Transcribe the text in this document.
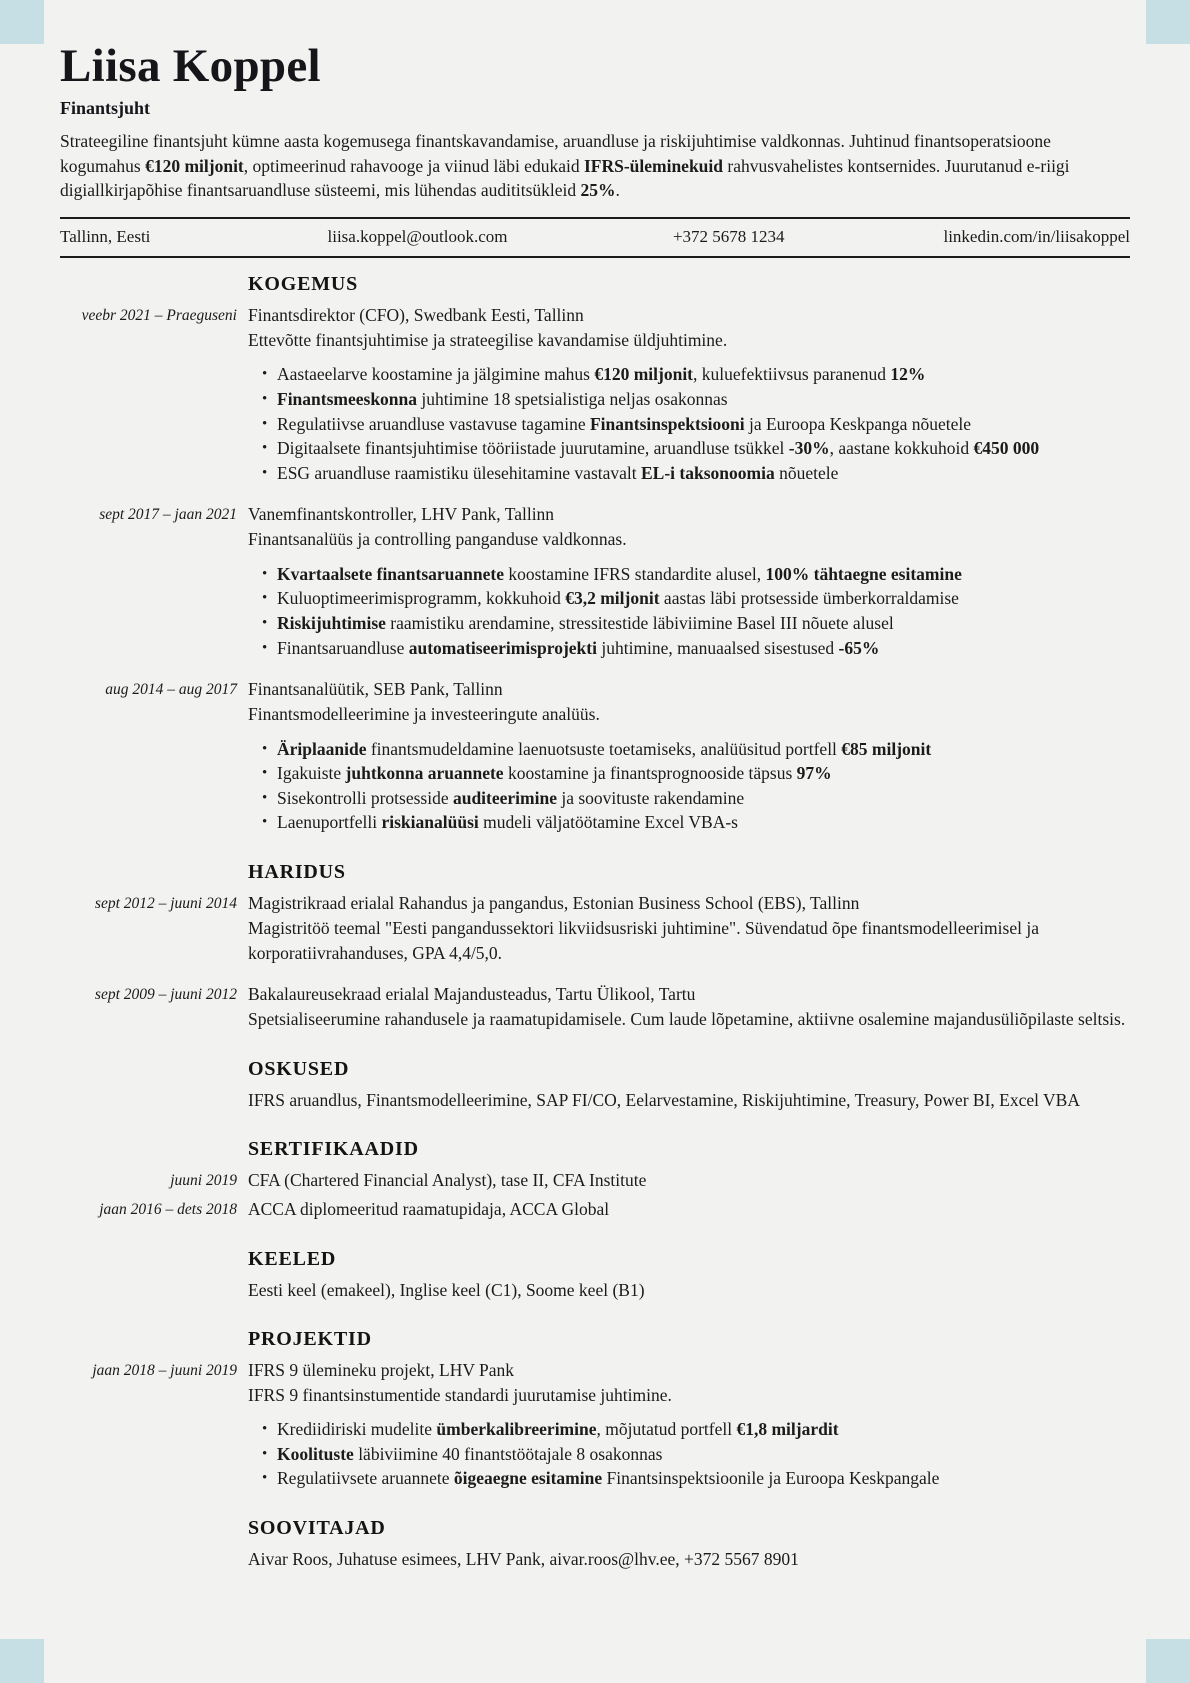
Liisa Koppel
Finantsjuht

Strateegiline finantsjuht kümne aasta kogemusega finantskavandamise, aruandluse ja riskijuhtimise valdkonnas. Juhtinud finantsoperatsioone kogumahus €120 miljonit, optimeerinud rahavooge ja viinud läbi edukaid IFRS-üleminekuid rahvusvahelistes kontsernides. Juurutanud e-riigi digiallkirjapõhise finantsaruandluse süsteemi, mis lühendas audititsükleid 25%.

Tallinn, Eesti	liisa.koppel@outlook.com	+372 5678 1234	linkedin.com/in/liisakoppel
KOGEMUS
veebr 2021 – Praeguseni Finantsdirektor (CFO), Swedbank Eesti, Tallinn
Ettevõtte finantsjuhtimise ja strateegilise kavandamise üldjuhtimine.
• Aastaeelarve koostamine ja jälgimine mahus €120 miljonit, kuluefektiivsus paranenud 12%
• Finantsmeeskonna juhtimine 18 spetsialistiga neljas osakonnas
• Regulatiivse aruandluse vastavuse tagamine Finantsinspektsiooni ja Euroopa Keskpanga nõuetele
• Digitaalsete finantsjuhtimise tööriistade juurutamine, aruandluse tsükkel -30%, aastane kokkuhoid €450 000
• ESG aruandluse raamistiku ülesehitamine vastavalt EL-i taksonoomia nõuetele
sept 2017 – jaan 2021 Vanemfinantskontroller, LHV Pank, Tallinn
Finantsanalüüs ja controlling panganduse valdkonnas.
• Kvartaalsete finantsaruannete koostamine IFRS standardite alusel, 100% tähtaegne esitamine
• Kuluoptimeerimisprogramm, kokkuhoid €3,2 miljonit aastas läbi protsesside ümberkorraldamise
• Riskijuhtimise raamistiku arendamine, stressitestide läbiviimine Basel III nõuete alusel
• Finantsaruandluse automatiseerimisprojekti juhtimine, manuaalsed sisestused -65%
aug 2014 – aug 2017 Finantsanalüütik, SEB Pank, Tallinn
Finantsmodelleerimine ja investeeringute analüüs.
• Äriplaanide finantsmudeldamine laenuotsuste toetamiseks, analüüsitud portfell €85 miljonit
• Igakuiste juhtkonna aruannete koostamine ja finantsprognooside täpsus 97%
• Sisekontrolli protsesside auditeerimine ja soovituste rakendamine
• Laenuportfelli riskianalüüsi mudeli väljatöötamine Excel VBA-s
HARIDUS
sept 2012 – juuni 2014 Magistrikraad erialal Rahandus ja pangandus, Estonian Business School (EBS), Tallinn
Magistritöö teemal "Eesti pangandussektori likviidsusriski juhtimine". Süvendatud õpe finantsmodelleerimisel ja korporatiivrahanduses, GPA 4,4/5,0.
sept 2009 – juuni 2012 Bakalaureusekraad erialal Majandusteadus, Tartu Ülikool, Tartu
Spetsialiseerumine rahandusele ja raamatupidamisele. Cum laude lõpetamine, aktiivne osalemine majandusüliõpilaste seltsis.
OSKUSED
IFRS aruandlus, Finantsmodelleerimine, SAP FI/CO, Eelarvestamine, Riskijuhtimine, Treasury, Power BI, Excel VBA
SERTIFIKAADID
juuni 2019 CFA (Chartered Financial Analyst), tase II, CFA Institute
jaan 2016 – dets 2018 ACCA diplomeeritud raamatupidaja, ACCA Global
KEELED
Eesti keel (emakeel), Inglise keel (C1), Soome keel (B1)
PROJEKTID
jaan 2018 – juuni 2019 IFRS 9 ülemineku projekt, LHV Pank
IFRS 9 finantsinstumentide standardi juurutamise juhtimine.
• Krediidiriski mudelite ümberkalibreerimine, mõjutatud portfell €1,8 miljardit
• Koolituste läbiviimine 40 finantstöötajale 8 osakonnas
• Regulatiivsete aruannete õigeaegne esitamine Finantsinspektsioonile ja Euroopa Keskpangale
SOOVITAJAD
Aivar Roos, Juhatuse esimees, LHV Pank, aivar.roos@lhv.ee, +372 5567 8901
